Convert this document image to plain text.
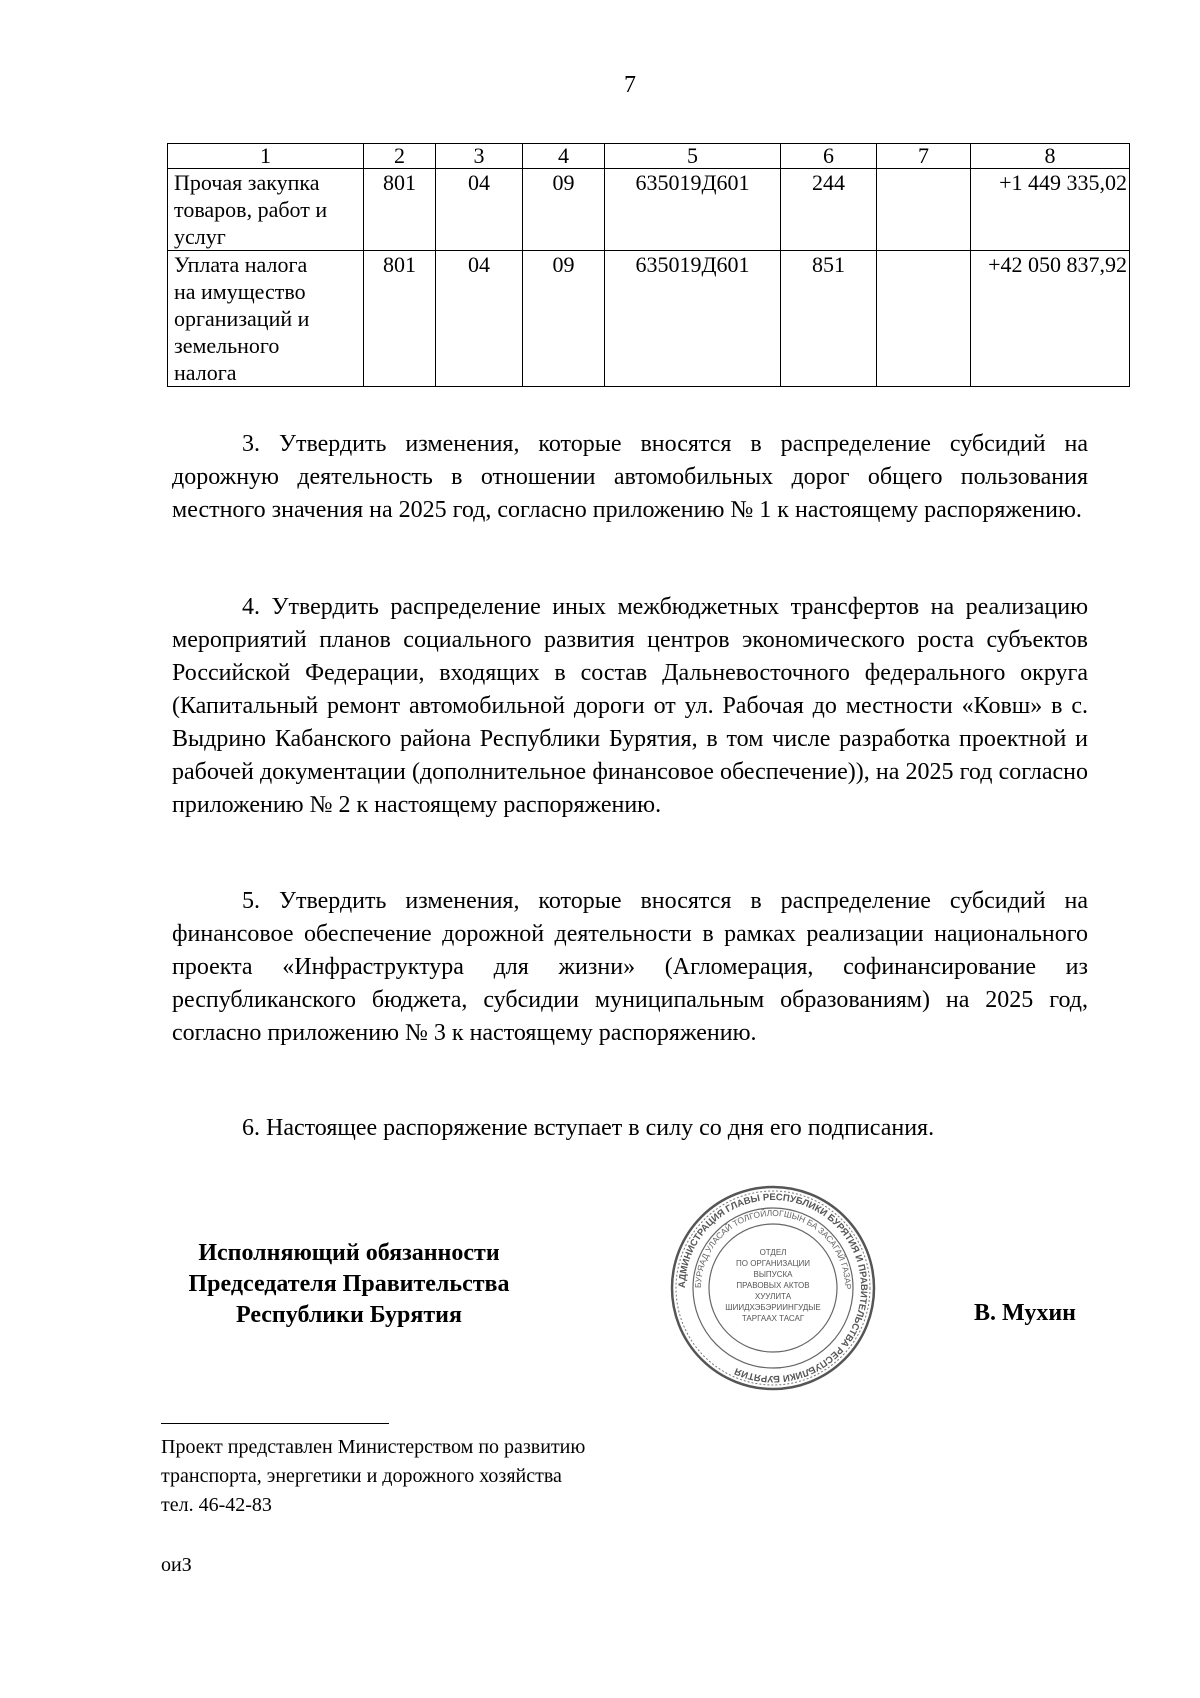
7
1	2	3	4	5	6	7	8

Прочая закупка
товаров, работ и
услуг	801	04	09	635019Д601	244		+1 449 335,02

Уплата налога
на имущество
организаций и
земельного
налога	801	04	09	635019Д601	851		+42 050 837,92

3. Утвердить изменения, которые вносятся в распределение субсидий на дорожную деятельность в отношении автомобильных дорог общего пользования местного значения на 2025 год, согласно приложению № 1 к настоящему распоряжению.

4. Утвердить распределение иных межбюджетных трансфертов на реализацию мероприятий планов социального развития центров экономического роста субъектов Российской Федерации, входящих в состав Дальневосточного федерального округа (Капитальный ремонт автомобильной дороги от ул. Рабочая до местности «Ковш» в с. Выдрино Кабанского района Республики Бурятия, в том числе разработка проектной и рабочей документации (дополнительное финансовое обеспечение)), на 2025 год согласно приложению № 2 к настоящему распоряжению.

5. Утвердить изменения, которые вносятся в распределение субсидий на финансовое обеспечение дорожной деятельности в рамках реализации национального проекта «Инфраструктура для жизни» (Агломерация, софинансирование из республиканского бюджета, субсидии муниципальным образованиям) на 2025 год, согласно приложению № 3 к настоящему распоряжению.

6. Настоящее распоряжение вступает в силу со дня его подписания.

Исполняющий обязанности
Председателя Правительства
Республики Бурятия
АДМИНИСТРАЦИЯ ГЛАВЫ РЕСПУБЛИКИ БУРЯТИЯ И ПРАВИТЕЛЬСТВА РЕСПУБЛИКИ БУРЯТИЯ
БУРЯАД УЛАСАЙ ТОЛГОЙЛОГШЫН БА ЗАСАГАЙ ГАЗАР
ОТДЕЛ
ПО ОРГАНИЗАЦИИ
ВЫПУСКА
ПРАВОВЫХ АКТОВ
ХУУЛИТА
ШИИДХЭБЭРИИНГУДЫЕ
ТАРГААХ ТАСАГ	В. Мухин
Проект представлен Министерством по развитию
транспорта, энергетики и дорожного хозяйства
тел. 46-42-83
оиЗ
